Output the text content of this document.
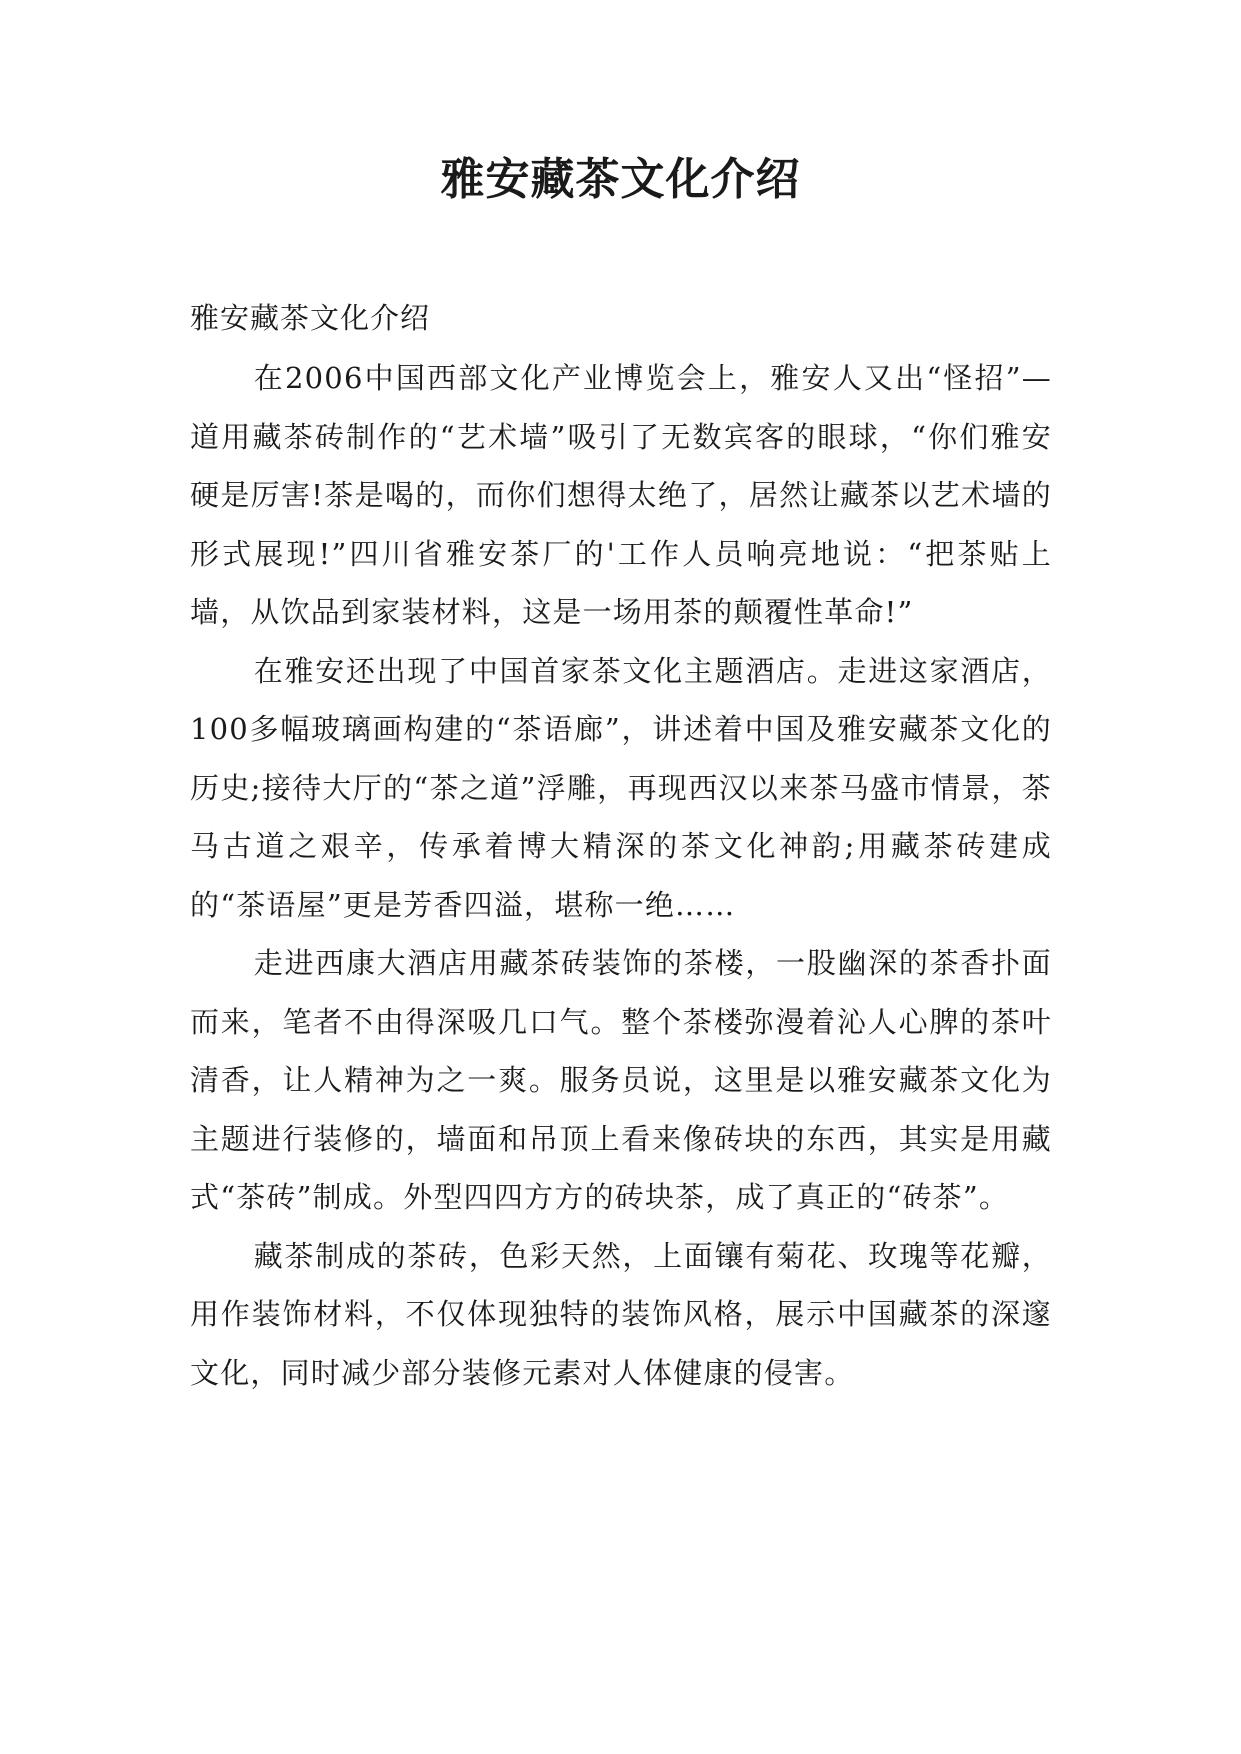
雅安藏茶文化介绍

雅安藏茶文化介绍

在2006中国西部文化产业博览会上，雅安人又出“怪招”—道用藏茶砖制作的“艺术墙”吸引了无数宾客的眼球，“你们雅安硬是厉害!茶是喝的，而你们想得太绝了，居然让藏茶以艺术墙的形式展现!”四川省雅安茶厂的'工作人员响亮地说：“把茶贴上墙，从饮品到家装材料，这是一场用茶的颠覆性革命!”

在雅安还出现了中国首家茶文化主题酒店。走进这家酒店，100多幅玻璃画构建的“茶语廊”，讲述着中国及雅安藏茶文化的历史;接待大厅的“茶之道”浮雕，再现西汉以来茶马盛市情景，茶马古道之艰辛，传承着博大精深的茶文化神韵;用藏茶砖建成的“茶语屋”更是芳香四溢，堪称一绝……

走进西康大酒店用藏茶砖装饰的茶楼，一股幽深的茶香扑面而来，笔者不由得深吸几口气。整个茶楼弥漫着沁人心脾的茶叶清香，让人精神为之一爽。服务员说，这里是以雅安藏茶文化为主题进行装修的，墙面和吊顶上看来像砖块的东西，其实是用藏式“茶砖”制成。外型四四方方的砖块茶，成了真正的“砖茶”。

藏茶制成的茶砖，色彩天然，上面镶有菊花、玫瑰等花瓣，用作装饰材料，不仅体现独特的装饰风格，展示中国藏茶的深邃文化，同时减少部分装修元素对人体健康的侵害。
